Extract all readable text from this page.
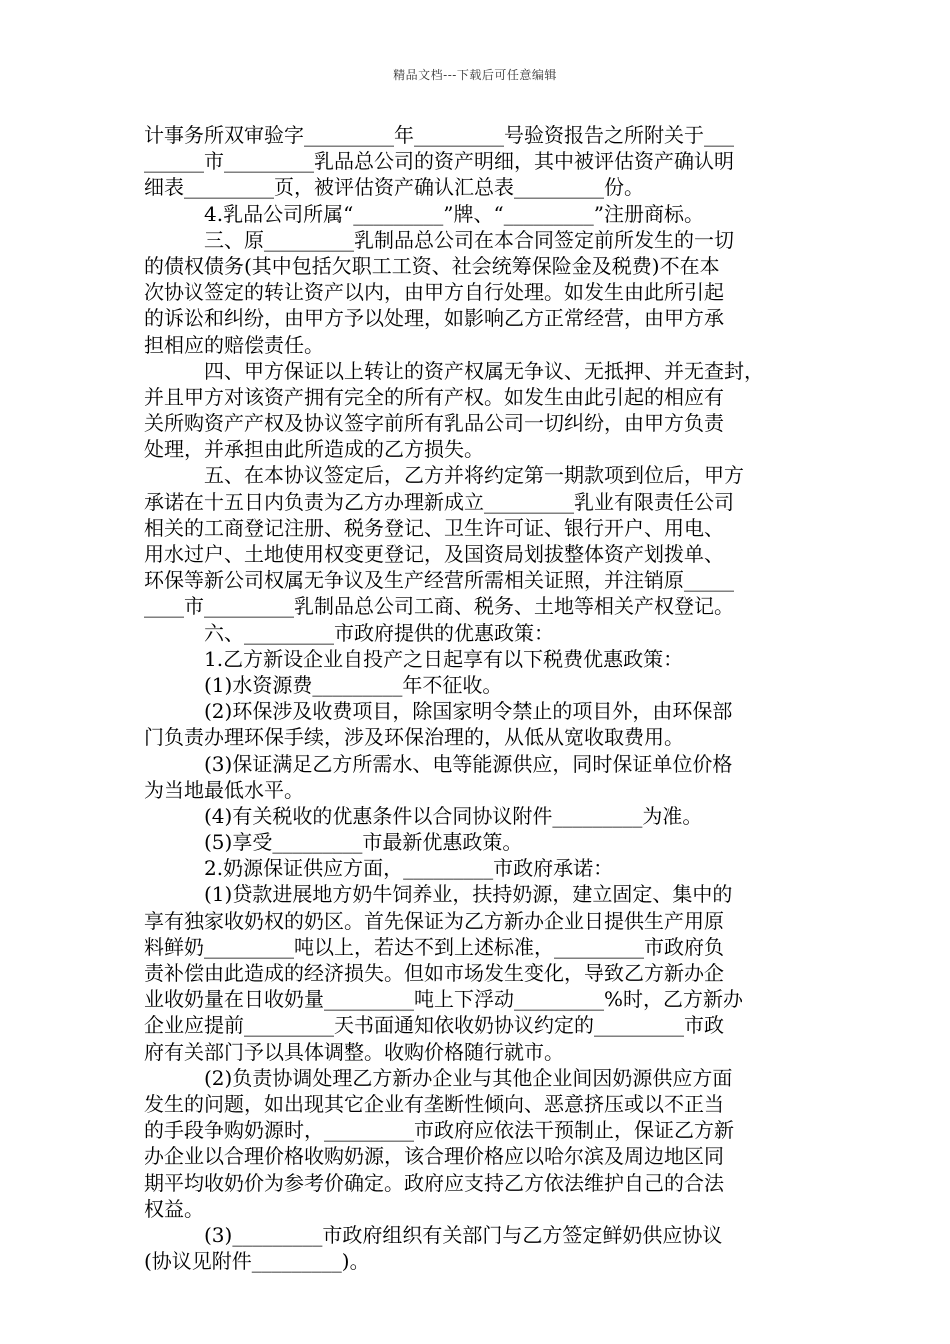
精品文档---下载后可任意编辑
计事务所双审验字_________年_________号验资报告之所附关于___
______市_________乳品总公司的资产明细，其中被评估资产确认明
细表_________页，被评估资产确认汇总表_________份。
4.乳品公司所属“_________”牌、“_________”注册商标。
三、原_________乳制品总公司在本合同签定前所发生的一切
的债权债务(其中包括欠职工工资、社会统筹保险金及税费)不在本
次协议签定的转让资产以内，由甲方自行处理。如发生由此所引起
的诉讼和纠纷，由甲方予以处理，如影响乙方正常经营，由甲方承
担相应的赔偿责任。
四、甲方保证以上转让的资产权属无争议、无抵押、并无查封，
并且甲方对该资产拥有完全的所有产权。如发生由此引起的相应有
关所购资产产权及协议签字前所有乳品公司一切纠纷，由甲方负责
处理，并承担由此所造成的乙方损失。
五、在本协议签定后，乙方并将约定第一期款项到位后，甲方
承诺在十五日内负责为乙方办理新成立_________乳业有限责任公司
相关的工商登记注册、税务登记、卫生许可证、银行开户、用电、
用水过户、土地使用权变更登记，及国资局划拔整体资产划拨单、
环保等新公司权属无争议及生产经营所需相关证照，并注销原_____
____市_________乳制品总公司工商、税务、土地等相关产权登记。
六、_________市政府提供的优惠政策：
1.乙方新设企业自投产之日起享有以下税费优惠政策：
(1)水资源费_________年不征收。
(2)环保涉及收费项目，除国家明令禁止的项目外，由环保部
门负责办理环保手续，涉及环保治理的，从低从宽收取费用。
(3)保证满足乙方所需水、电等能源供应，同时保证单位价格
为当地最低水平。
(4)有关税收的优惠条件以合同协议附件_________为准。
(5)享受_________市最新优惠政策。
2.奶源保证供应方面，_________市政府承诺：
(1)贷款进展地方奶牛饲养业，扶持奶源，建立固定、集中的
享有独家收奶权的奶区。首先保证为乙方新办企业日提供生产用原
料鲜奶_________吨以上，若达不到上述标准，_________市政府负
责补偿由此造成的经济损失。但如市场发生变化，导致乙方新办企
业收奶量在日收奶量_________吨上下浮动_________%时，乙方新办
企业应提前_________天书面通知依收奶协议约定的_________市政
府有关部门予以具体调整。收购价格随行就市。
(2)负责协调处理乙方新办企业与其他企业间因奶源供应方面
发生的问题，如出现其它企业有垄断性倾向、恶意挤压或以不正当
的手段争购奶源时，_________市政府应依法干预制止，保证乙方新
办企业以合理价格收购奶源，该合理价格应以哈尔滨及周边地区同
期平均收奶价为参考价确定。政府应支持乙方依法维护自己的合法
权益。
(3)_________市政府组织有关部门与乙方签定鲜奶供应协议
(协议见附件_________)。
